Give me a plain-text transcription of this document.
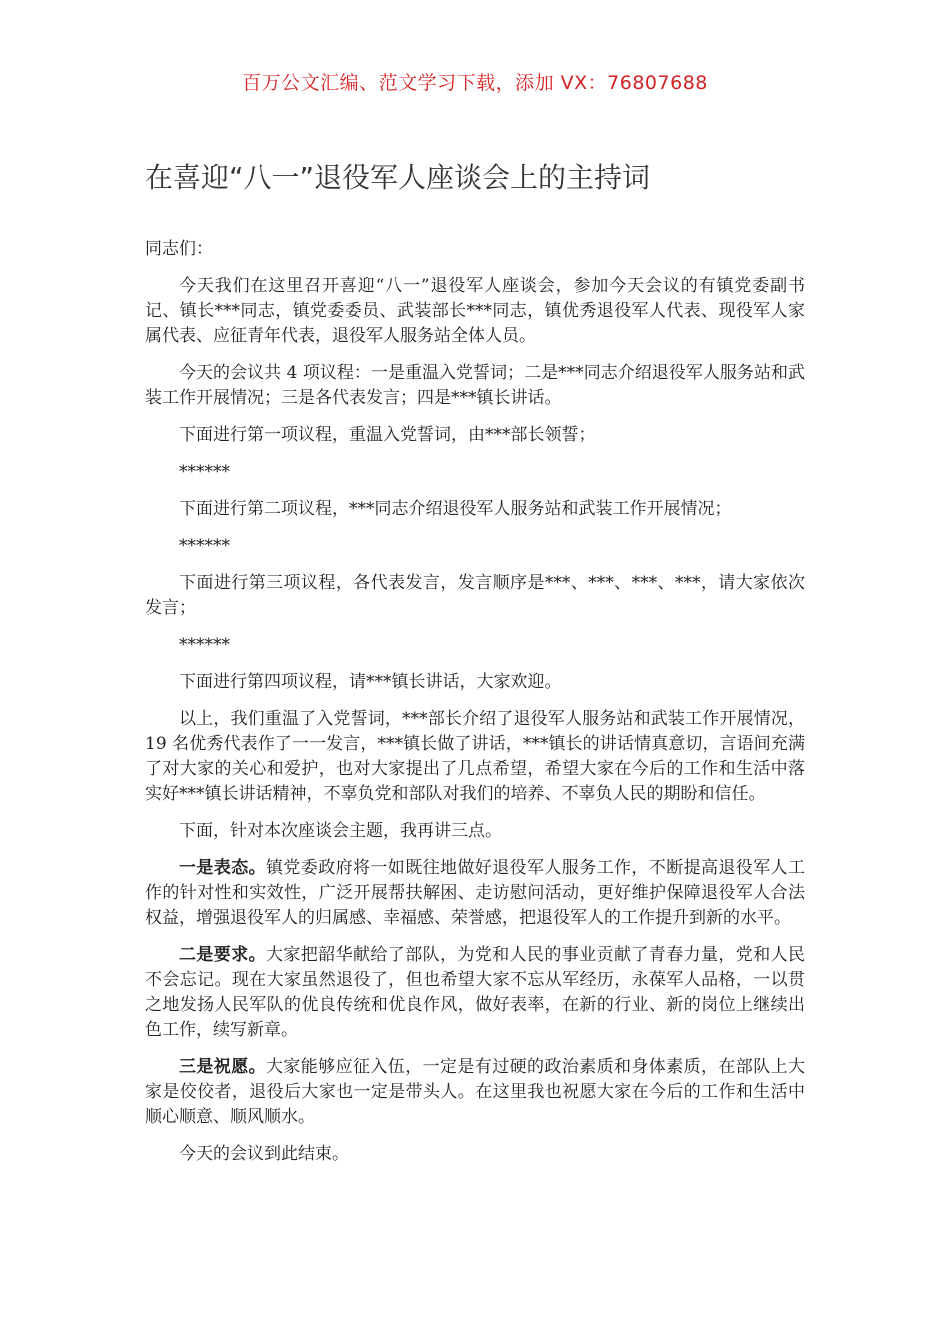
百万公文汇编、范文学习下载，添加 VX：76807688
在喜迎“八一”退役军人座谈会上的主持词

同志们：

今天我们在这里召开喜迎“八一”退役军人座谈会，参加今天会议的有镇党委副书记、镇长***同志，镇党委委员、武装部长***同志，镇优秀退役军人代表、现役军人家属代表、应征青年代表，退役军人服务站全体人员。

今天的会议共 4 项议程：一是重温入党誓词；二是***同志介绍退役军人服务站和武装工作开展情况；三是各代表发言；四是***镇长讲话。

下面进行第一项议程，重温入党誓词，由***部长领誓；

******

下面进行第二项议程，***同志介绍退役军人服务站和武装工作开展情况；

******

下面进行第三项议程，各代表发言，发言顺序是***、***、***、***，请大家依次发言；

******

下面进行第四项议程，请***镇长讲话，大家欢迎。

以上，我们重温了入党誓词，***部长介绍了退役军人服务站和武装工作开展情况，19 名优秀代表作了一一发言，***镇长做了讲话，***镇长的讲话情真意切，言语间充满了对大家的关心和爱护，也对大家提出了几点希望，希望大家在今后的工作和生活中落实好***镇长讲话精神，不辜负党和部队对我们的培养、不辜负人民的期盼和信任。

下面，针对本次座谈会主题，我再讲三点。

一是表态。镇党委政府将一如既往地做好退役军人服务工作，不断提高退役军人工作的针对性和实效性，广泛开展帮扶解困、走访慰问活动，更好维护保障退役军人合法权益，增强退役军人的归属感、幸福感、荣誉感，把退役军人的工作提升到新的水平。

二是要求。大家把韶华献给了部队，为党和人民的事业贡献了青春力量，党和人民不会忘记。现在大家虽然退役了，但也希望大家不忘从军经历，永葆军人品格，一以贯之地发扬人民军队的优良传统和优良作风，做好表率，在新的行业、新的岗位上继续出色工作，续写新章。

三是祝愿。大家能够应征入伍，一定是有过硬的政治素质和身体素质，在部队上大家是佼佼者，退役后大家也一定是带头人。在这里我也祝愿大家在今后的工作和生活中顺心顺意、顺风顺水。

今天的会议到此结束。
